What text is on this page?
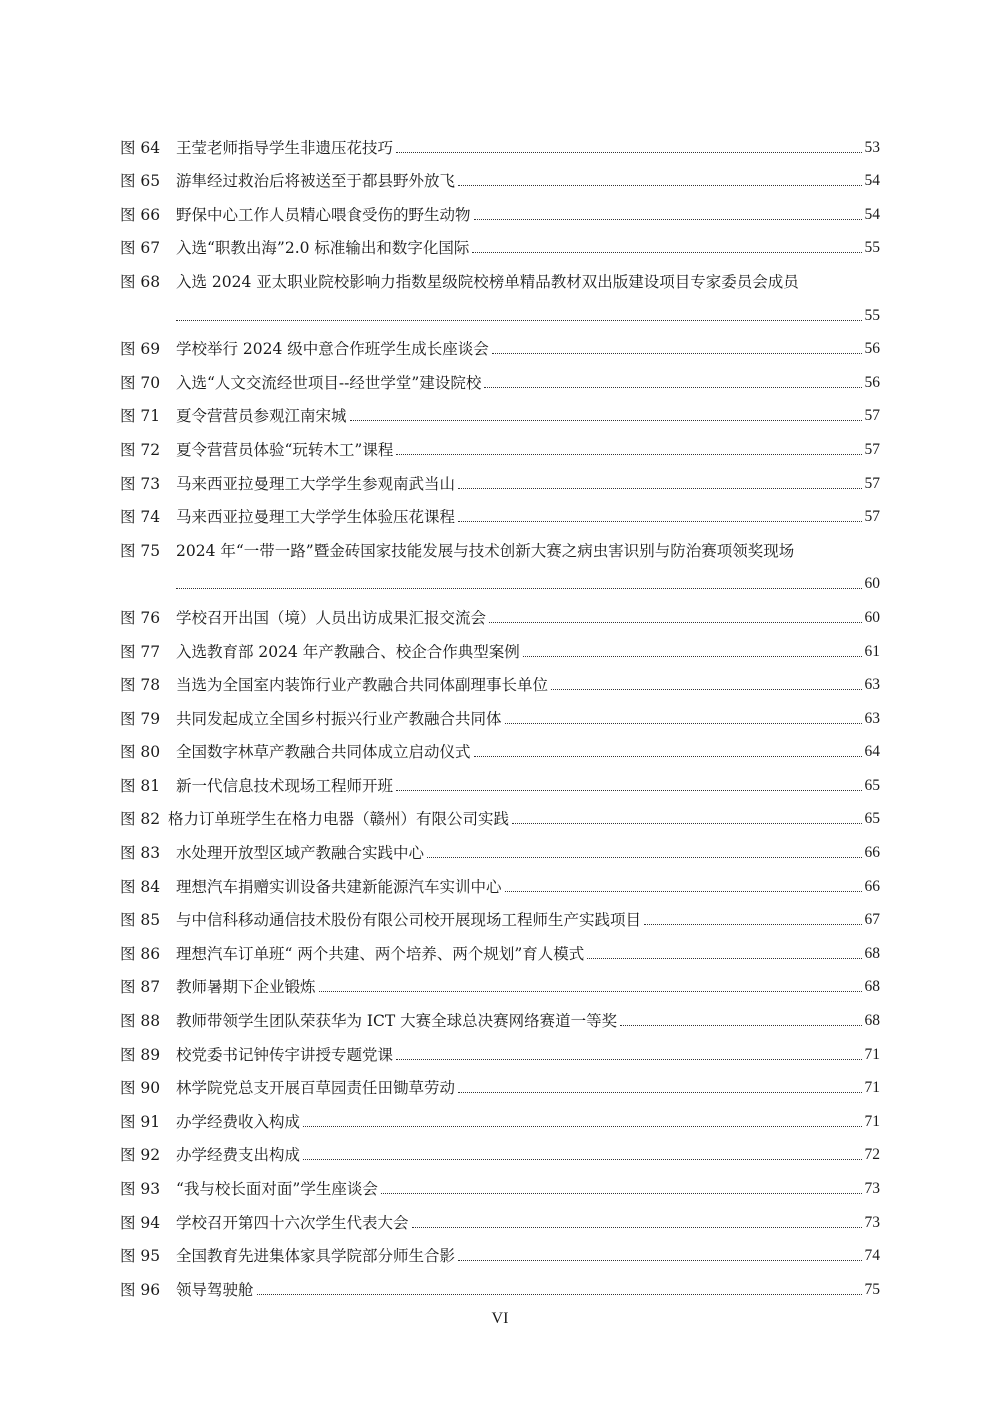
图 64	王莹老师指导学生非遗压花技巧	53
图 65	游隼经过救治后将被送至于都县野外放飞	54
图 66	野保中心工作人员精心喂食受伤的野生动物	54
图 67	入选“职教出海”2.0 标准输出和数字化国际	55
图 68	入选 2024 亚太职业院校影响力指数星级院校榜单精品教材双出版建设项目专家委员会成员
55
图 69	学校举行 2024 级中意合作班学生成长座谈会	56
图 70	入选“人文交流经世项目--经世学堂”建设院校	56
图 71	夏令营营员参观江南宋城	57
图 72	夏令营营员体验“玩转木工”课程	57
图 73	马来西亚拉曼理工大学学生参观南武当山	57
图 74	马来西亚拉曼理工大学学生体验压花课程	57
图 75	2024 年“一带一路”暨金砖国家技能发展与技术创新大赛之病虫害识别与防治赛项领奖现场
60
图 76	学校召开出国（境）人员出访成果汇报交流会	60
图 77	入选教育部 2024 年产教融合、校企合作典型案例	61
图 78	当选为全国室内装饰行业产教融合共同体副理事长单位	63
图 79	共同发起成立全国乡村振兴行业产教融合共同体	63
图 80	全国数字林草产教融合共同体成立启动仪式	64
图 81	新一代信息技术现场工程师开班	65
图 82 格力订单班学生在格力电器（赣州）有限公司实践	65
图 83	水处理开放型区域产教融合实践中心	66
图 84	理想汽车捐赠实训设备共建新能源汽车实训中心	66
图 85	与中信科移动通信技术股份有限公司校开展现场工程师生产实践项目	67
图 86	理想汽车订单班“ 两个共建、两个培养、两个规划”育人模式	68
图 87	教师暑期下企业锻炼	68
图 88	教师带领学生团队荣获华为 ICT 大赛全球总决赛网络赛道一等奖	68
图 89	校党委书记钟传宇讲授专题党课	71
图 90	林学院党总支开展百草园责任田锄草劳动	71
图 91	办学经费收入构成	71
图 92	办学经费支出构成	72
图 93	“我与校长面对面”学生座谈会	73
图 94	学校召开第四十六次学生代表大会	73
图 95	全国教育先进集体家具学院部分师生合影	74
图 96	领导驾驶舱	75
VI
